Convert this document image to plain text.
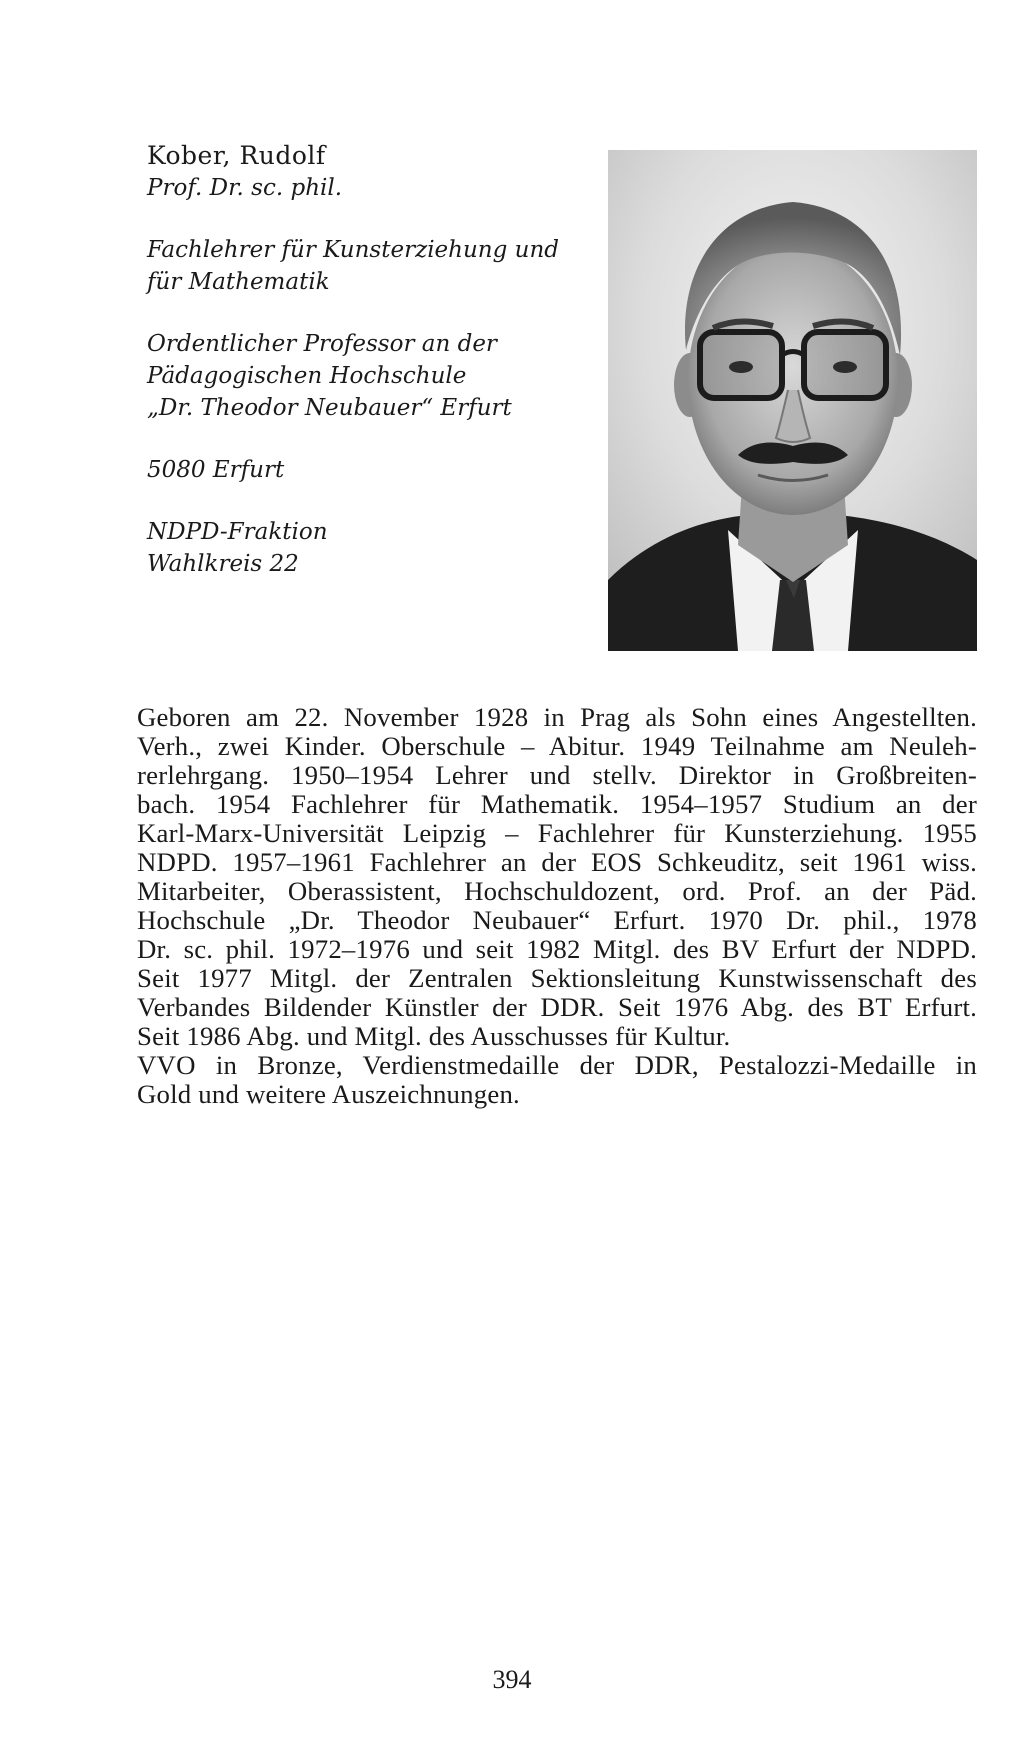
Kober, Rudolf

Prof. Dr. sc. phil.

Fachlehrer für Kunsterziehung und

für Mathematik

Ordentlicher Professor an der

Pädagogischen Hochschule

„Dr. Theodor Neubauer“ Erfurt

5080 Erfurt

NDPD-Fraktion

Wahlkreis 22

Geboren am 22. November 1928 in Prag als Sohn eines Angestellten.
Verh., zwei Kinder. Oberschule – Abitur. 1949 Teilnahme am Neuleh-
rerlehrgang. 1950–1954 Lehrer und stellv. Direktor in Großbreiten-
bach. 1954 Fachlehrer für Mathematik. 1954–1957 Studium an der
Karl-Marx-Universität Leipzig – Fachlehrer für Kunsterziehung. 1955
NDPD. 1957–1961 Fachlehrer an der EOS Schkeuditz, seit 1961 wiss.
Mitarbeiter, Oberassistent, Hochschuldozent, ord. Prof. an der Päd.
Hochschule „Dr. Theodor Neubauer“ Erfurt. 1970 Dr. phil., 1978
Dr. sc. phil. 1972–1976 und seit 1982 Mitgl. des BV Erfurt der NDPD.
Seit 1977 Mitgl. der Zentralen Sektionsleitung Kunstwissenschaft des
Verbandes Bildender Künstler der DDR. Seit 1976 Abg. des BT Erfurt.
Seit 1986 Abg. und Mitgl. des Ausschusses für Kultur.
VVO in Bronze, Verdienstmedaille der DDR, Pestalozzi-Medaille in
Gold und weitere Auszeichnungen.

394
